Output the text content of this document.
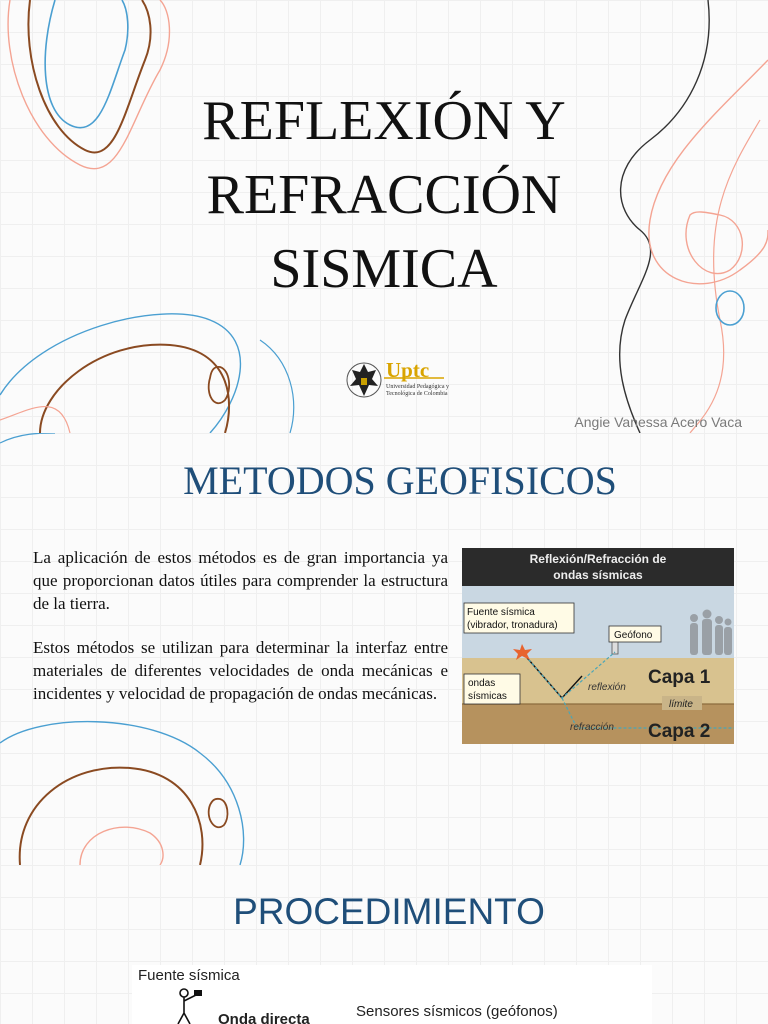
REFLEXIÓN Y
REFRACCIÓN
SISMICA
Uptc
Universidad Pedagógica y Tecnológica de Colombia
Angie Vanessa Acero Vaca
METODOS GEOFISICOS

La aplicación de estos métodos es de gran importancia ya que proporcionan datos útiles para comprender la estructura de la tierra.

Estos métodos se utilizan para determinar la interfaz entre materiales de diferentes velocidades de onda mecánicas e incidentes y velocidad de propagación de ondas mecánicas.

Reflexión/Refracción de
ondas sísmicas
Fuente sísmica
(vibrador, tronadura)
Geófono
ondas
sísmicas
reflexión
refracción
límite
Capa 1
Capa 2
PROCEDIMIENTO
Fuente sísmica
Onda directa	Sensores sísmicos (geófonos)
